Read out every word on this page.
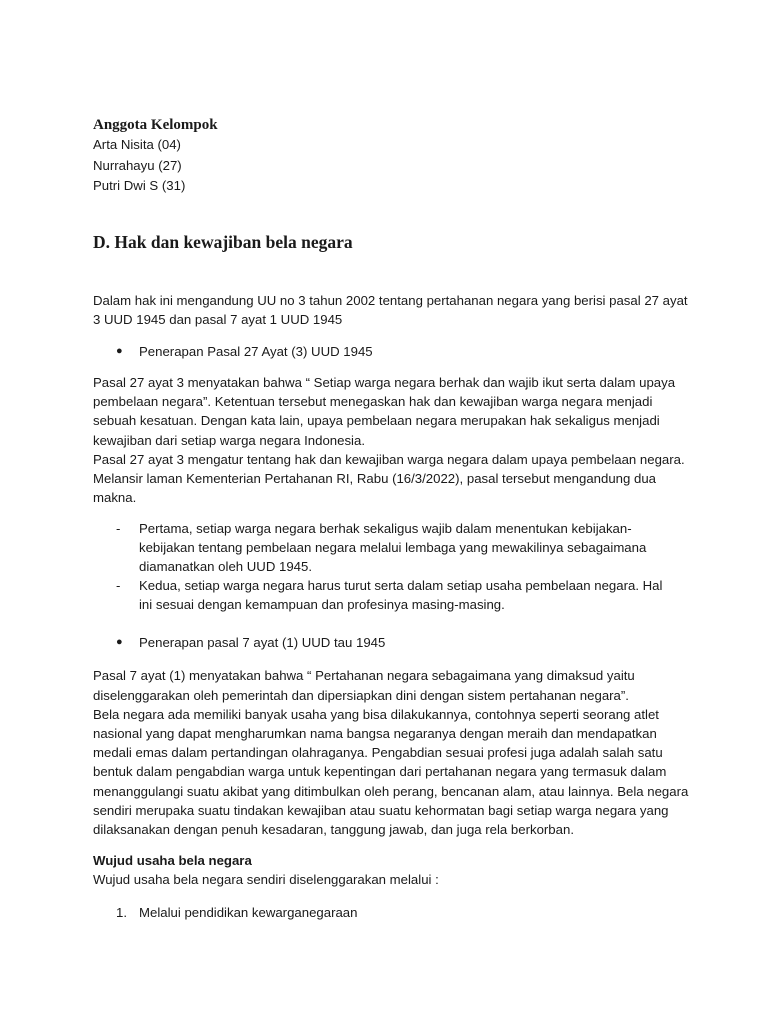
Anggota Kelompok

Arta Nisita (04)

Nurrahayu (27)

Putri Dwi S (31)

D. Hak dan kewajiban bela negara

Dalam hak ini mengandung UU no 3 tahun 2002 tentang pertahanan negara yang berisi pasal 27 ayat 3 UUD 1945 dan pasal 7 ayat 1 UUD 1945

●	Penerapan Pasal 27 Ayat (3) UUD 1945

Pasal 27 ayat 3 menyatakan bahwa “ Setiap warga negara berhak dan wajib ikut serta dalam upaya pembelaan negara”. Ketentuan tersebut menegaskan hak dan kewajiban warga negara menjadi sebuah kesatuan. Dengan kata lain, upaya pembelaan negara merupakan hak sekaligus menjadi kewajiban dari setiap warga negara Indonesia.

Pasal 27 ayat 3 mengatur tentang hak dan kewajiban warga negara dalam upaya pembelaan negara. Melansir laman Kementerian Pertahanan RI, Rabu (16/3/2022), pasal tersebut mengandung dua makna.

-	Pertama, setiap warga negara berhak sekaligus wajib dalam menentukan kebijakan-kebijakan tentang pembelaan negara melalui lembaga yang mewakilinya sebagaimana diamanatkan oleh UUD 1945.
-	Kedua, setiap warga negara harus turut serta dalam setiap usaha pembelaan negara. Hal ini sesuai dengan kemampuan dan profesinya masing-masing.
●	Penerapan pasal 7 ayat (1) UUD tau 1945

Pasal 7 ayat (1) menyatakan bahwa “ Pertahanan negara sebagaimana yang dimaksud yaitu diselenggarakan oleh pemerintah dan dipersiapkan dini dengan sistem pertahanan negara”.

Bela negara ada memiliki banyak usaha yang bisa dilakukannya, contohnya seperti seorang atlet nasional yang dapat mengharumkan nama bangsa negaranya dengan meraih dan mendapatkan medali emas dalam pertandingan olahraganya. Pengabdian sesuai profesi juga adalah salah satu bentuk dalam pengabdian warga untuk kepentingan dari pertahanan negara yang termasuk dalam menanggulangi suatu akibat yang ditimbulkan oleh perang, bencanan alam, atau lainnya. Bela negara sendiri merupaka suatu tindakan kewajiban atau suatu kehormatan bagi setiap warga negara yang dilaksanakan dengan penuh kesadaran, tanggung jawab, dan juga rela berkorban.

Wujud usaha bela negara

Wujud usaha bela negara sendiri diselenggarakan melalui :

1. Melalui pendidikan kewarganegaraan
